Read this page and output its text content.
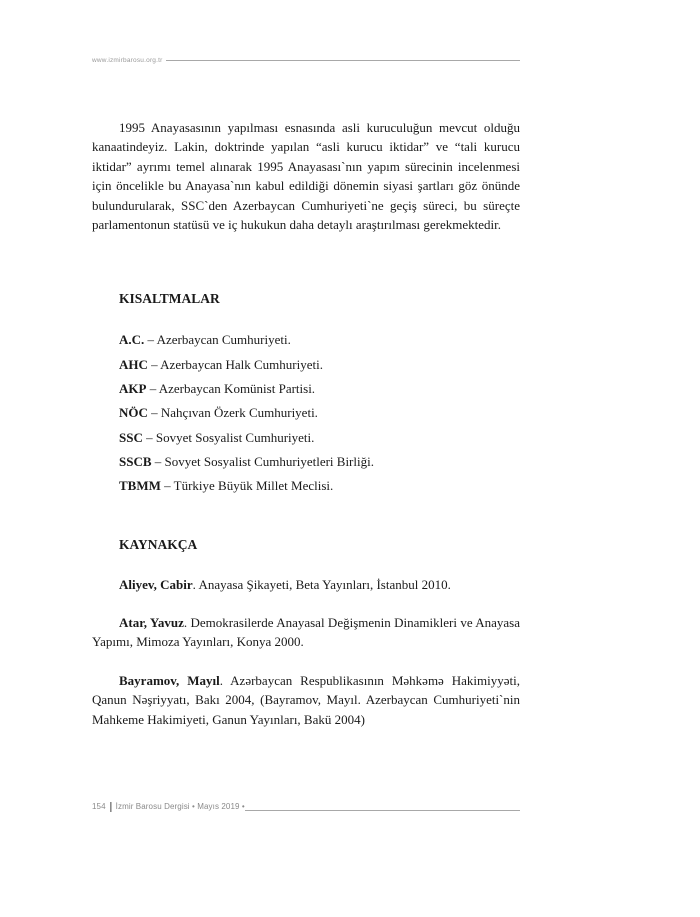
www.izmirbarosu.org.tr

1995 Anayasasının yapılması esnasında asli kuruculuğun mevcut olduğu kanaatindeyiz. Lakin, doktrinde yapılan “asli kurucu iktidar” ve “tali kurucu iktidar” ayrımı temel alınarak 1995 Anayasası`nın yapım sürecinin incelenmesi için öncelikle bu Anayasa`nın kabul edildiği dönemin siyasi şartları göz önünde bulundurularak, SSC`den Azerbaycan Cumhuriyeti`ne geçiş süreci, bu süreçte parlamentonun statüsü ve iç hukukun daha detaylı araştırılması gerekmektedir.

KISALTMALAR

A.C. – Azerbaycan Cumhuriyeti.
AHC – Azerbaycan Halk Cumhuriyeti.
AKP – Azerbaycan Komünist Partisi.
NÖC – Nahçıvan Özerk Cumhuriyeti.
SSC – Sovyet Sosyalist Cumhuriyeti.
SSCB – Sovyet Sosyalist Cumhuriyetleri Birliği.
TBMM – Türkiye Büyük Millet Meclisi.

KAYNAKÇA

Aliyev, Cabir. Anayasa Şikayeti, Beta Yayınları, İstanbul 2010.

Atar, Yavuz. Demokrasilerde Anayasal Değişmenin Dinamikleri ve Anayasa Yapımı, Mimoza Yayınları, Konya 2000.

Bayramov, Mayıl. Azərbaycan Respublikasının Məhkəmə Hakimiyyəti, Qanun Nəşriyyatı, Bakı 2004, (Bayramov, Mayıl. Azerbaycan Cumhuriyeti`nin Mahkeme Hakimiyeti, Ganun Yayınları, Bakü 2004)

154 İzmir Barosu Dergisi • Mayıs 2019 •
